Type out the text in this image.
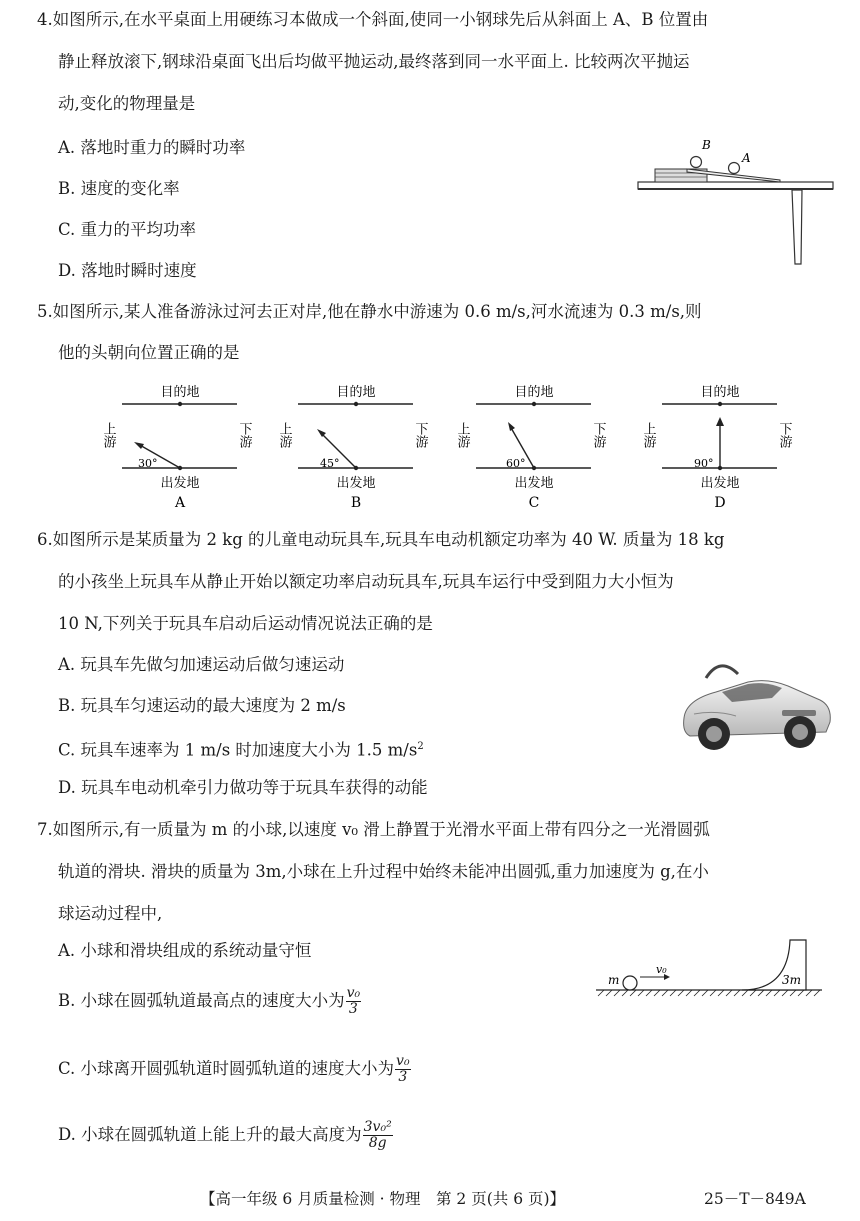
4.如图所示,在水平桌面上用硬练习本做成一个斜面,使同一小钢球先后从斜面上 A、B 位置由
静止释放滚下,钢球沿桌面飞出后均做平抛运动,最终落到同一水平面上. 比较两次平抛运
动,变化的物理量是
A. 落地时重力的瞬时功率
B. 速度的变化率
C. 重力的平均功率
D. 落地时瞬时速度
B
A
5.如图所示,某人准备游泳过河去正对岸,他在静水中游速为 0.6 m/s,河水流速为 0.3 m/s,则
他的头朝向位置正确的是
目的地
上游	下游
30°
出发地
A
目的地
上游	下游
45°
出发地
B
目的地
上游	下游
60°
出发地
C
目的地
上游	下游
90°
出发地
D
6.如图所示是某质量为 2 kg 的儿童电动玩具车,玩具车电动机额定功率为 40 W. 质量为 18 kg
的小孩坐上玩具车从静止开始以额定功率启动玩具车,玩具车运行中受到阻力大小恒为
10 N,下列关于玩具车启动后运动情况说法正确的是
A. 玩具车先做匀加速运动后做匀速运动
B. 玩具车匀速运动的最大速度为 2 m/s
C. 玩具车速率为 1 m/s 时加速度大小为 1.5 $m/s^2$
D. 玩具车电动机牵引力做功等于玩具车获得的动能
7.如图所示,有一质量为 m 的小球,以速度 v₀ 滑上静置于光滑水平面上带有四分之一光滑圆弧
轨道的滑块. 滑块的质量为 3m,小球在上升过程中始终未能冲出圆弧,重力加速度为 g,在小
球运动过程中,
A. 小球和滑块组成的系统动量守恒
B. 小球在圆弧轨道最高点的速度大小为 $\frac{\text{v₀}}{3}$
C. 小球离开圆弧轨道时圆弧轨道的速度大小为 $\frac{\text{v₀}}{3}$
D. 小球在圆弧轨道上能上升的最大高度为 $\frac{\text{3v₀²}}{8g}$
m
v₀
3m
【高一年级 6 月质量检测 · 物理　第 2 页(共 6 页)】	25－T－849A
